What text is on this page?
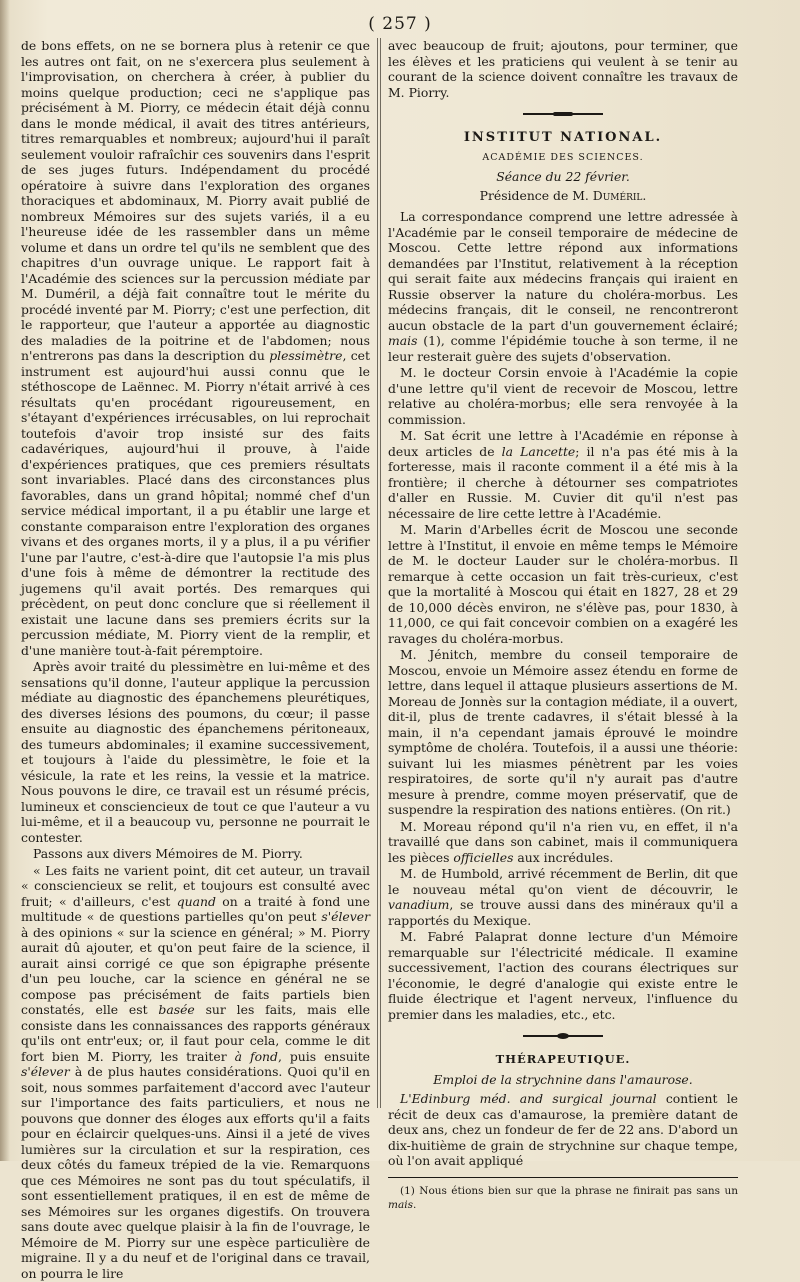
( 257 )

de bons effets, on ne se bornera plus à retenir ce que les autres ont fait, on ne s'exercera plus seulement à l'improvisation, on cherchera à créer, à publier du moins quelque production; ceci ne s'applique pas précisément à M. Piorry, ce médecin était déjà connu dans le monde médical, il avait des titres antérieurs, titres remarquables et nombreux; aujourd'hui il paraît seulement vouloir rafraîchir ces souvenirs dans l'esprit de ses juges futurs. Indépendament du procédé opératoire à suivre dans l'exploration des organes thoraciques et abdominaux, M. Piorry avait publié de nombreux Mémoires sur des sujets variés, il a eu l'heureuse idée de les rassembler dans un même volume et dans un ordre tel qu'ils ne semblent que des chapitres d'un ouvrage unique. Le rapport fait à l'Académie des sciences sur la percussion médiate par M. Duméril, a déjà fait connaître tout le mérite du procédé inventé par M. Piorry; c'est une perfection, dit le rapporteur, que l'auteur a apportée au diagnostic des maladies de la poitrine et de l'abdomen; nous n'entrerons pas dans la description du plessimètre, cet instrument est aujourd'hui aussi connu que le stéthoscope de Laënnec. M. Piorry n'était arrivé à ces résultats qu'en procédant rigoureusement, en s'étayant d'expériences irrécusables, on lui reprochait toutefois d'avoir trop insisté sur des faits cadavériques, aujourd'hui il prouve, à l'aide d'expériences pratiques, que ces premiers résultats sont invariables. Placé dans des circonstances plus favorables, dans un grand hôpital; nommé chef d'un service médical important, il a pu établir une large et constante comparaison entre l'exploration des organes vivans et des organes morts, il y a plus, il a pu vérifier l'une par l'autre, c'est-à-dire que l'autopsie l'a mis plus d'une fois à même de démontrer la rectitude des jugemens qu'il avait portés. Des remarques qui précèdent, on peut donc conclure que si réellement il existait une lacune dans ses premiers écrits sur la percussion médiate, M. Piorry vient de la remplir, et d'une manière tout-à-fait péremptoire.

Après avoir traité du plessimètre en lui-même et des sensations qu'il donne, l'auteur applique la percussion médiate au diagnostic des épanchemens pleurétiques, des diverses lésions des poumons, du cœur; il passe ensuite au diagnostic des épanchemens péritoneaux, des tumeurs abdominales; il examine successivement, et toujours à l'aide du plessimètre, le foie et la vésicule, la rate et les reins, la vessie et la matrice. Nous pouvons le dire, ce travail est un résumé précis, lumineux et consciencieux de tout ce que l'auteur a vu lui-même, et il a beaucoup vu, personne ne pourrait le contester.

Passons aux divers Mémoires de M. Piorry.

« Les faits ne varient point, dit cet auteur, un travail « consciencieux se relit, et toujours est consulté avec fruit; « d'ailleurs, c'est quand on a traité à fond une multitude « de questions partielles qu'on peut s'élever à des opinions « sur la science en général; » M. Piorry aurait dû ajouter, et qu'on peut faire de la science, il aurait ainsi corrigé ce que son épigraphe présente d'un peu louche, car la science en général ne se compose pas précisément de faits partiels bien constatés, elle est basée sur les faits, mais elle consiste dans les connaissances des rapports généraux qu'ils ont entr'eux; or, il faut pour cela, comme le dit fort bien M. Piorry, les traiter à fond, puis ensuite s'élever à de plus hautes considérations. Quoi qu'il en soit, nous sommes parfaitement d'accord avec l'auteur sur l'importance des faits particuliers, et nous ne pouvons que donner des éloges aux efforts qu'il a faits pour en éclaircir quelques-uns. Ainsi il a jeté de vives lumières sur la circulation et sur la respiration, ces deux côtés du fameux trépied de la vie. Remarquons que ces Mémoires ne sont pas du tout spéculatifs, il sont essentiellement pratiques, il en est de même de ses Mémoires sur les organes digestifs. On trouvera sans doute avec quelque plaisir à la fin de l'ouvrage, le Mémoire de M. Piorry sur une espèce particulière de migraine. Il y a du neuf et de l'original dans ce travail, on pourra le lire

avec beaucoup de fruit; ajoutons, pour terminer, que les élèves et les praticiens qui veulent à se tenir au courant de la science doivent connaître les travaux de M. Piorry.

INSTITUT NATIONAL.
ACADÉMIE DES SCIENCES.
Séance du 22 février.
Présidence de M. Duméril.

La correspondance comprend une lettre adressée à l'Académie par le conseil temporaire de médecine de Moscou. Cette lettre répond aux informations demandées par l'Institut, relativement à la réception qui serait faite aux médecins français qui iraient en Russie observer la nature du choléra-morbus. Les médecins français, dit le conseil, ne rencontreront aucun obstacle de la part d'un gouvernement éclairé; mais (1), comme l'épidémie touche à son terme, il ne leur resterait guère des sujets d'observation.

M. le docteur Corsin envoie à l'Académie la copie d'une lettre qu'il vient de recevoir de Moscou, lettre relative au choléra-morbus; elle sera renvoyée à la commission.

M. Sat écrit une lettre à l'Académie en réponse à deux articles de la Lancette; il n'a pas été mis à la forteresse, mais il raconte comment il a été mis à la frontière; il cherche à détourner ses compatriotes d'aller en Russie. M. Cuvier dit qu'il n'est pas nécessaire de lire cette lettre à l'Académie.

M. Marin d'Arbelles écrit de Moscou une seconde lettre à l'Institut, il envoie en même temps le Mémoire de M. le docteur Lauder sur le choléra-morbus. Il remarque à cette occasion un fait très-curieux, c'est que la mortalité à Moscou qui était en 1827, 28 et 29 de 10,000 décès environ, ne s'élève pas, pour 1830, à 11,000, ce qui fait concevoir combien on a exagéré les ravages du choléra-morbus.

M. Jénitch, membre du conseil temporaire de Moscou, envoie un Mémoire assez étendu en forme de lettre, dans lequel il attaque plusieurs assertions de M. Moreau de Jonnès sur la contagion médiate, il a ouvert, dit-il, plus de trente cadavres, il s'était blessé à la main, il n'a cependant jamais éprouvé le moindre symptôme de choléra. Toutefois, il a aussi une théorie: suivant lui les miasmes pénètrent par les voies respiratoires, de sorte qu'il n'y aurait pas d'autre mesure à prendre, comme moyen préservatif, que de suspendre la respiration des nations entières. (On rit.)

M. Moreau répond qu'il n'a rien vu, en effet, il n'a travaillé que dans son cabinet, mais il communiquera les pièces officielles aux incrédules.

M. de Humbold, arrivé récemment de Berlin, dit que le nouveau métal qu'on vient de découvrir, le vanadium, se trouve aussi dans des minéraux qu'il a rapportés du Mexique.

M. Fabré Palaprat donne lecture d'un Mémoire remarquable sur l'électricité médicale. Il examine successivement, l'action des courans électriques sur l'économie, le degré d'analogie qui existe entre le fluide électrique et l'agent nerveux, l'influence du premier dans les maladies, etc., etc.

THÉRAPEUTIQUE.
Emploi de la strychnine dans l'amaurose.

L'Edinburg méd. and surgical journal contient le récit de deux cas d'amaurose, la première datant de deux ans, chez un fondeur de fer de 22 ans. D'abord un dix-huitième de grain de strychnine sur chaque tempe, où l'on avait appliqué

(1) Nous étions bien sur que la phrase ne finirait pas sans un mais.
